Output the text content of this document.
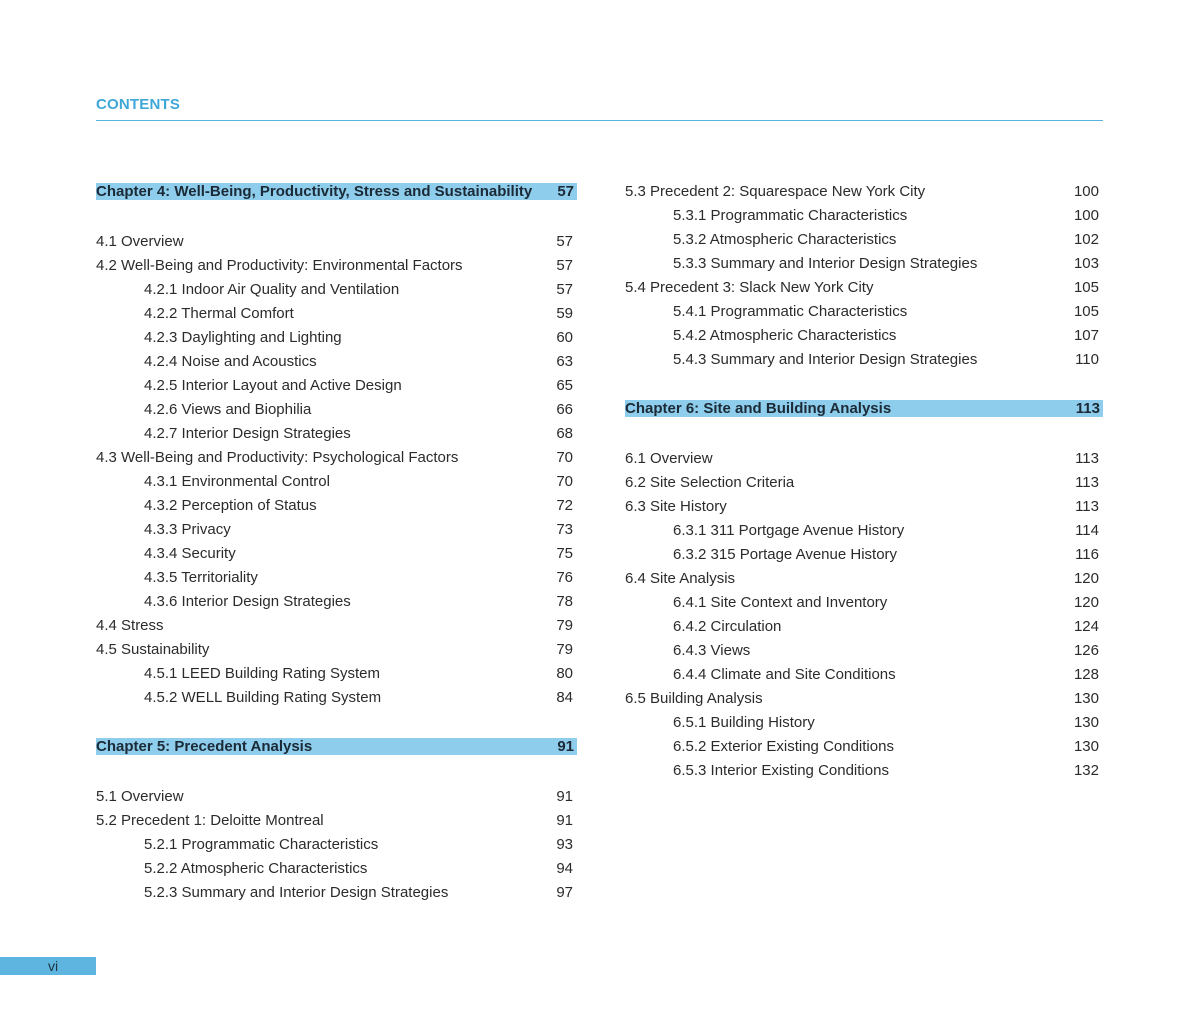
CONTENTS
Chapter 4: Well-Being, Productivity, Stress and Sustainability 57
4.1 Overview	57
4.2 Well-Being and Productivity: Environmental Factors	57
4.2.1 Indoor Air Quality and Ventilation	57
4.2.2 Thermal Comfort	59
4.2.3 Daylighting and Lighting	60
4.2.4 Noise and Acoustics	63
4.2.5 Interior Layout and Active Design	65
4.2.6 Views and Biophilia	66
4.2.7 Interior Design Strategies	68
4.3 Well-Being and Productivity: Psychological Factors	70
4.3.1 Environmental Control	70
4.3.2 Perception of Status	72
4.3.3 Privacy	73
4.3.4 Security	75
4.3.5 Territoriality	76
4.3.6 Interior Design Strategies	78
4.4 Stress	79
4.5 Sustainability	79
4.5.1 LEED Building Rating System	80
4.5.2 WELL Building Rating System	84
Chapter 5: Precedent Analysis	91
5.1 Overview	91
5.2 Precedent 1: Deloitte Montreal	91
5.2.1 Programmatic Characteristics	93
5.2.2 Atmospheric Characteristics	94
5.2.3 Summary and Interior Design Strategies	97
5.3 Precedent 2: Squarespace New York City	100
5.3.1 Programmatic Characteristics	100
5.3.2 Atmospheric Characteristics	102
5.3.3 Summary and Interior Design Strategies	103
5.4 Precedent 3: Slack New York City	105
5.4.1 Programmatic Characteristics	105
5.4.2 Atmospheric Characteristics	107
5.4.3 Summary and Interior Design Strategies	110
Chapter 6: Site and Building Analysis	113
6.1 Overview	113
6.2 Site Selection Criteria	113
6.3 Site History	113
6.3.1 311 Portgage Avenue History	114
6.3.2 315 Portage Avenue History	116
6.4 Site Analysis	120
6.4.1 Site Context and Inventory	120
6.4.2 Circulation	124
6.4.3 Views	126
6.4.4 Climate and Site Conditions	128
6.5 Building Analysis	130
6.5.1 Building History	130
6.5.2 Exterior Existing Conditions	130
6.5.3 Interior Existing Conditions	132
vi
